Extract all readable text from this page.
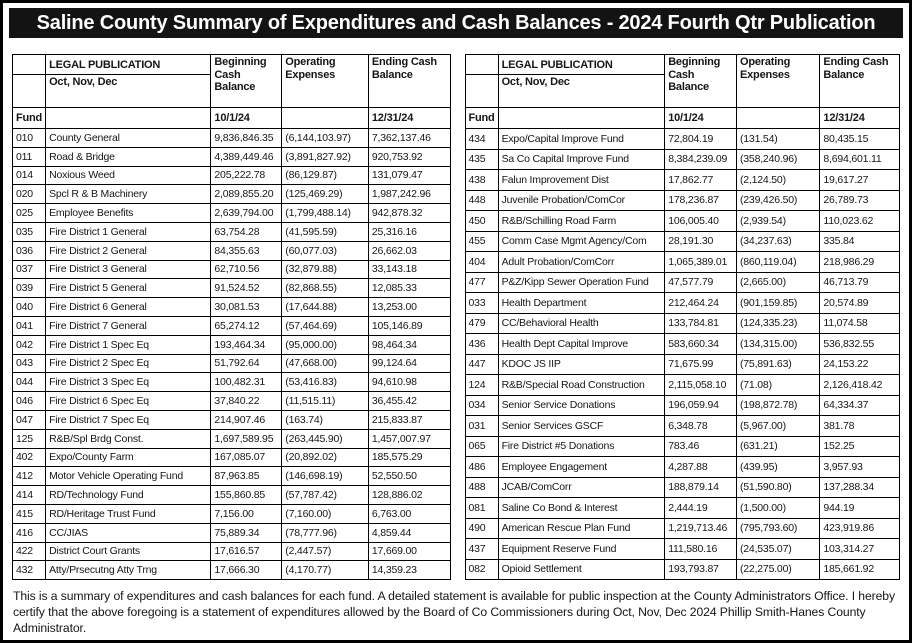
Saline County Summary of Expenditures and Cash Balances - 2024 Fourth Qtr Publication
	LEGAL PUBLICATION	Beginning Cash Balance	Operating Expenses	Ending Cash Balance
	Oct, Nov, Dec			
Fund		10/1/24		12/31/24
010	County General	9,836,846.35	(6,144,103.97)	7,362,137.46
011	Road & Bridge	4,389,449.46	(3,891,827.92)	920,753.92
014	Noxious Weed	205,222.78	(86,129.87)	131,079.47
020	Spcl R & B Machinery	2,089,855.20	(125,469.29)	1,987,242.96
025	Employee Benefits	2,639,794.00	(1,799,488.14)	942,878.32
035	Fire District 1 General	63,754.28	(41,595.59)	25,316.16
036	Fire District 2 General	84,355.63	(60,077.03)	26,662.03
037	Fire District 3 General	62,710.56	(32,879.88)	33,143.18
039	Fire District 5 General	91,524.52	(82,868.55)	12,085.33
040	Fire District 6 General	30,081.53	(17,644.88)	13,253.00
041	Fire District 7 General	65,274.12	(57,464.69)	105,146.89
042	Fire District 1 Spec Eq	193,464.34	(95,000.00)	98,464.34
043	Fire District 2 Spec Eq	51,792.64	(47,668.00)	99,124.64
044	Fire District 3 Spec Eq	100,482.31	(53,416.83)	94,610.98
046	Fire District 6 Spec Eq	37,840.22	(11,515.11)	36,455.42
047	Fire District 7 Spec Eq	214,907.46	(163.74)	215,833.87
125	R&B/Spl Brdg Const.	1,697,589.95	(263,445.90)	1,457,007.97
402	Expo/County Farm	167,085.07	(20,892.02)	185,575.29
412	Motor Vehicle Operating Fund	87,963.85	(146,698.19)	52,550.50
414	RD/Technology Fund	155,860.85	(57,787.42)	128,886.02
415	RD/Heritage Trust Fund	7,156.00	(7,160.00)	6,763.00
416	CC/JIAS	75,889.34	(78,777.96)	4,859.44
422	District Court Grants	17,616.57	(2,447.57)	17,669.00
432	Atty/Prsecutng Atty Trng	17,666.30	(4,170.77)	14,359.23
	LEGAL PUBLICATION	Beginning Cash Balance	Operating Expenses	Ending Cash Balance
	Oct, Nov, Dec			
Fund		10/1/24		12/31/24
434	Expo/Capital Improve Fund	72,804.19	(131.54)	80,435.15
435	Sa Co Capital Improve Fund	8,384,239.09	(358,240.96)	8,694,601.11
438	Falun Improvement Dist	17,862.77	(2,124.50)	19,617.27
448	Juvenile Probation/ComCor	178,236.87	(239,426.50)	26,789.73
450	R&B/Schilling Road Farm	106,005.40	(2,939.54)	110,023.62
455	Comm Case Mgmt Agency/Com	28,191.30	(34,237.63)	335.84
404	Adult Probation/ComCorr	1,065,389.01	(860,119.04)	218,986.29
477	P&Z/Kipp Sewer Operation Fund	47,577.79	(2,665.00)	46,713.79
033	Health Department	212,464.24	(901,159.85)	20,574.89
479	CC/Behavioral Health	133,784.81	(124,335.23)	11,074.58
436	Health Dept Capital Improve	583,660.34	(134,315.00)	536,832.55
447	KDOC JS IIP	71,675.99	(75,891.63)	24,153.22
124	R&B/Special Road Construction	2,115,058.10	(71.08)	2,126,418.42
034	Senior Service Donations	196,059.94	(198,872.78)	64,334.37
031	Senior Services GSCF	6,348.78	(5,967.00)	381.78
065	Fire District #5 Donations	783.46	(631.21)	152.25
486	Employee Engagement	4,287.88	(439.95)	3,957.93
488	JCAB/ComCorr	188,879.14	(51,590.80)	137,288.34
081	Saline Co Bond & Interest	2,444.19	(1,500.00)	944.19
490	American Rescue Plan Fund	1,219,713.46	(795,793.60)	423,919.86
437	Equipment Reserve Fund	111,580.16	(24,535.07)	103,314.27
082	Opioid Settlement	193,793.87	(22,275.00)	185,661.92
This is a summary of expenditures and cash balances for each fund. A detailed statement is available for public inspection at the County Administrators Office. I hereby certify that the above foregoing is a statement of expenditures allowed by the Board of Co Commissioners during Oct, Nov, Dec 2024 Phillip Smith-Hanes County Administrator.
